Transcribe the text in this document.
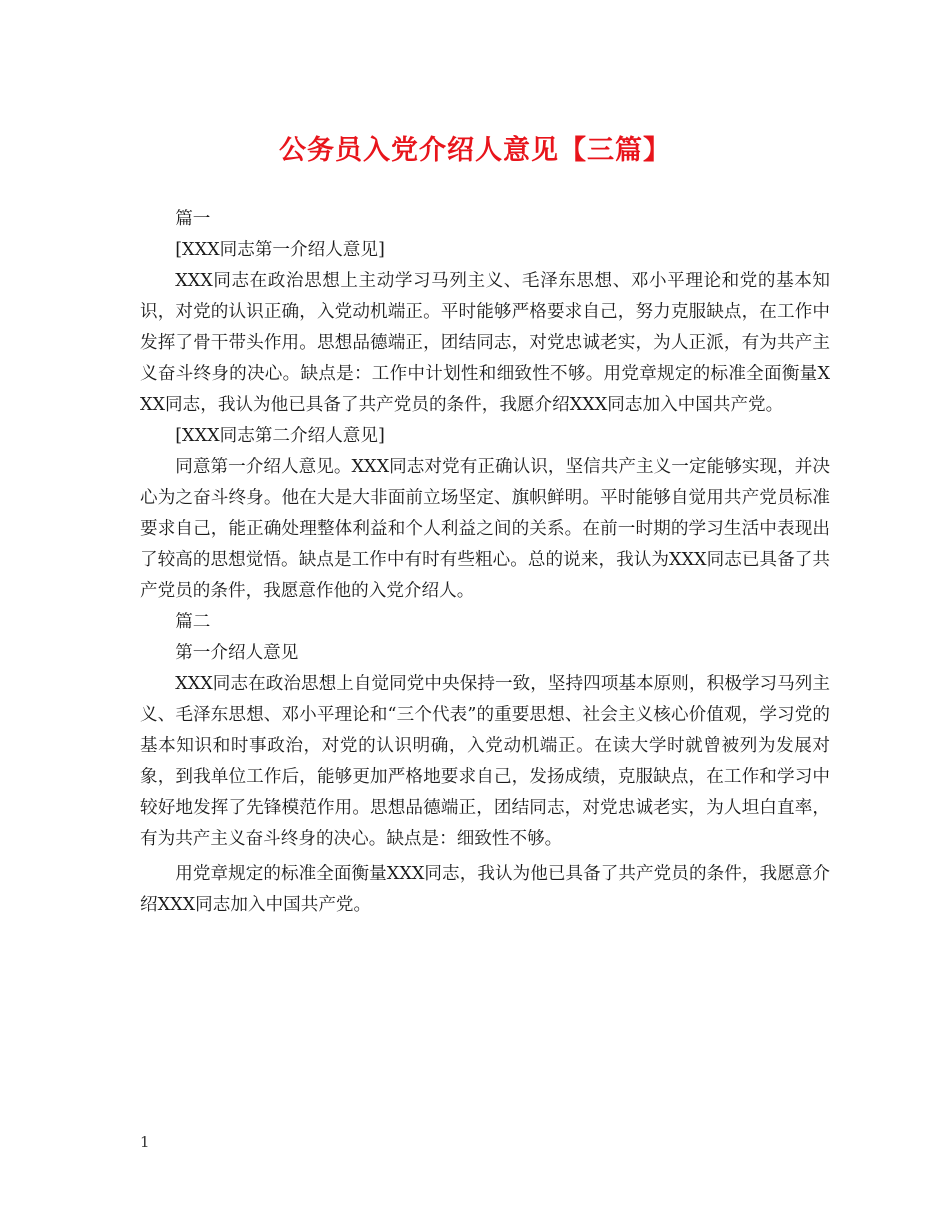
公务员入党介绍人意见【三篇】

篇一

[XXX同志第一介绍人意见]

XXX同志在政治思想上主动学习马列主义、毛泽东思想、邓小平理论和党的基本知识，对党的认识正确，入党动机端正。平时能够严格要求自己，努力克服缺点，在工作中发挥了骨干带头作用。思想品德端正，团结同志，对党忠诚老实，为人正派，有为共产主义奋斗终身的决心。缺点是：工作中计划性和细致性不够。用党章规定的标准全面衡量XXX同志，我认为他已具备了共产党员的条件，我愿介绍XXX同志加入中国共产党。

[XXX同志第二介绍人意见]

同意第一介绍人意见。XXX同志对党有正确认识，坚信共产主义一定能够实现，并决心为之奋斗终身。他在大是大非面前立场坚定、旗帜鲜明。平时能够自觉用共产党员标准要求自己，能正确处理整体利益和个人利益之间的关系。在前一时期的学习生活中表现出了较高的思想觉悟。缺点是工作中有时有些粗心。总的说来，我认为XXX同志已具备了共产党员的条件，我愿意作他的入党介绍人。

篇二

第一介绍人意见

XXX同志在政治思想上自觉同党中央保持一致，坚持四项基本原则，积极学习马列主义、毛泽东思想、邓小平理论和“三个代表”的重要思想、社会主义核心价值观，学习党的基本知识和时事政治，对党的认识明确，入党动机端正。在读大学时就曾被列为发展对象，到我单位工作后，能够更加严格地要求自己，发扬成绩，克服缺点，在工作和学习中较好地发挥了先锋模范作用。思想品德端正，团结同志，对党忠诚老实，为人坦白直率，有为共产主义奋斗终身的决心。缺点是：细致性不够。

用党章规定的标准全面衡量XXX同志，我认为他已具备了共产党员的条件，我愿意介绍XXX同志加入中国共产党。

1
